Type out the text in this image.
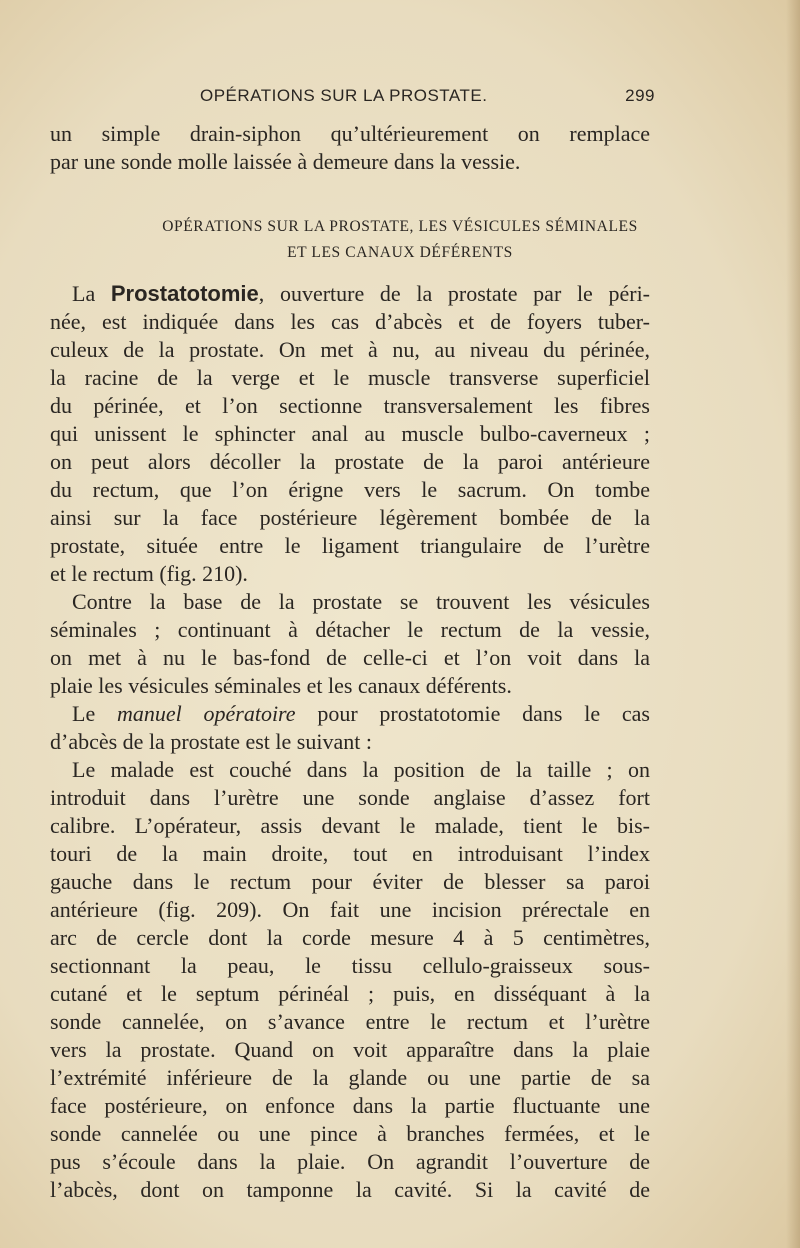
OPÉRATIONS SUR LA PROSTATE.	299
un simple drain-siphon qu’ultérieurement on remplace
par une sonde molle laissée à demeure dans la vessie.
OPÉRATIONS SUR LA PROSTATE, LES VÉSICULES SÉMINALES
ET LES CANAUX DÉFÉRENTS
La Prostatotomie, ouverture de la prostate par le péri-
née, est indiquée dans les cas d’abcès et de foyers tuber-
culeux de la prostate. On met à nu, au niveau du périnée,
la racine de la verge et le muscle transverse superficiel
du périnée, et l’on sectionne transversalement les fibres
qui unissent le sphincter anal au muscle bulbo-caverneux ;
on peut alors décoller la prostate de la paroi antérieure
du rectum, que l’on érigne vers le sacrum. On tombe
ainsi sur la face postérieure légèrement bombée de la
prostate, située entre le ligament triangulaire de l’urètre
et le rectum (fig. 210).
Contre la base de la prostate se trouvent les vésicules
séminales ; continuant à détacher le rectum de la vessie,
on met à nu le bas-fond de celle-ci et l’on voit dans la
plaie les vésicules séminales et les canaux déférents.
Le manuel opératoire pour prostatotomie dans le cas
d’abcès de la prostate est le suivant :
Le malade est couché dans la position de la taille ; on
introduit dans l’urètre une sonde anglaise d’assez fort
calibre. L’opérateur, assis devant le malade, tient le bis-
touri de la main droite, tout en introduisant l’index
gauche dans le rectum pour éviter de blesser sa paroi
antérieure (fig. 209). On fait une incision prérectale en
arc de cercle dont la corde mesure 4 à 5 centimètres,
sectionnant la peau, le tissu cellulo-graisseux sous-
cutané et le septum périnéal ; puis, en disséquant à la
sonde cannelée, on s’avance entre le rectum et l’urètre
vers la prostate. Quand on voit apparaître dans la plaie
l’extrémité inférieure de la glande ou une partie de sa
face postérieure, on enfonce dans la partie fluctuante une
sonde cannelée ou une pince à branches fermées, et le
pus s’écoule dans la plaie. On agrandit l’ouverture de
l’abcès, dont on tamponne la cavité. Si la cavité de
